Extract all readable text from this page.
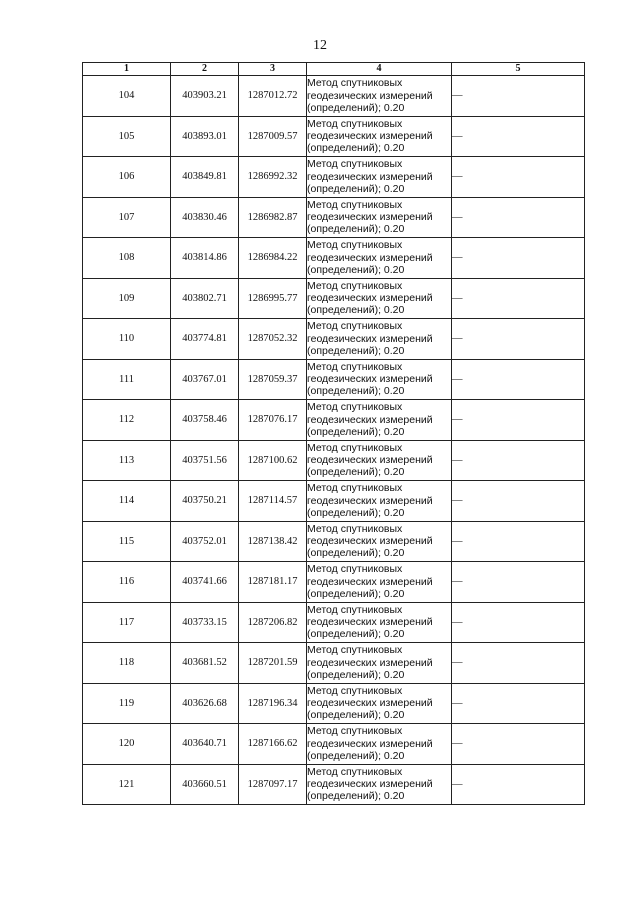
12
1	2	3	4	5
104	403903.21	1287012.72	Метод спутниковых
геодезических измерений
(определений); 0.20	—
105	403893.01	1287009.57	Метод спутниковых
геодезических измерений
(определений); 0.20	—
106	403849.81	1286992.32	Метод спутниковых
геодезических измерений
(определений); 0.20	—
107	403830.46	1286982.87	Метод спутниковых
геодезических измерений
(определений); 0.20	—
108	403814.86	1286984.22	Метод спутниковых
геодезических измерений
(определений); 0.20	—
109	403802.71	1286995.77	Метод спутниковых
геодезических измерений
(определений); 0.20	—
110	403774.81	1287052.32	Метод спутниковых
геодезических измерений
(определений); 0.20	—
111	403767.01	1287059.37	Метод спутниковых
геодезических измерений
(определений); 0.20	—
112	403758.46	1287076.17	Метод спутниковых
геодезических измерений
(определений); 0.20	—
113	403751.56	1287100.62	Метод спутниковых
геодезических измерений
(определений); 0.20	—
114	403750.21	1287114.57	Метод спутниковых
геодезических измерений
(определений); 0.20	—
115	403752.01	1287138.42	Метод спутниковых
геодезических измерений
(определений); 0.20	—
116	403741.66	1287181.17	Метод спутниковых
геодезических измерений
(определений); 0.20	—
117	403733.15	1287206.82	Метод спутниковых
геодезических измерений
(определений); 0.20	—
118	403681.52	1287201.59	Метод спутниковых
геодезических измерений
(определений); 0.20	—
119	403626.68	1287196.34	Метод спутниковых
геодезических измерений
(определений); 0.20	—
120	403640.71	1287166.62	Метод спутниковых
геодезических измерений
(определений); 0.20	—
121	403660.51	1287097.17	Метод спутниковых
геодезических измерений
(определений); 0.20	—
